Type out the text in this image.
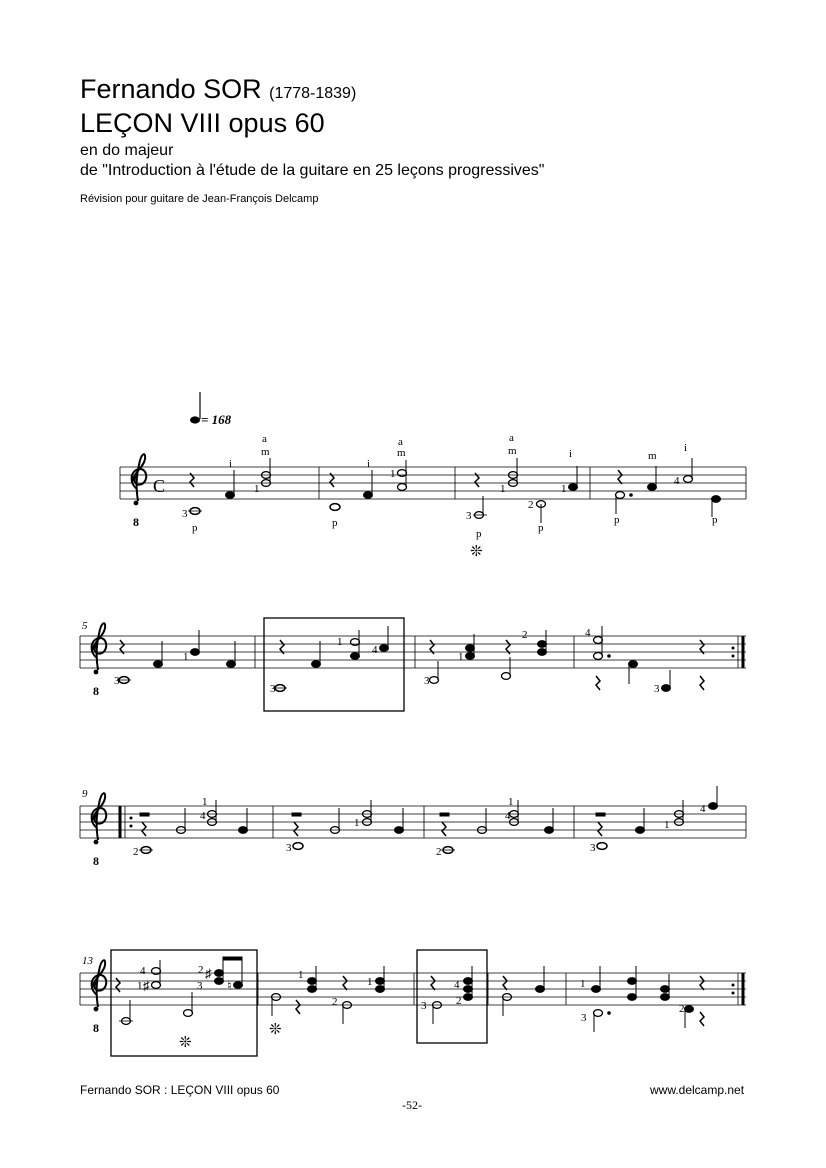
Fernando SOR (1778-1839)
LEÇON VIII opus 60
en do majeur
de "Introduction à l'étude de la guitare en 25 leçons progressives"
Révision pour guitare de Jean-François Delcamp
= 168
8
C
i
1
a
m
3
p
i
1
a
m
p
1
a
m
1
i
3
p
2
p
m
i
4
p	p
❊
5
8
1
3
1
4
3
1
2
3
4
3
9
8
1
4
2
1
3
1
4
2
1
4
3
13
8
♯
♯
♮
4
1
2
3
1
1
2
4
2
3
1
3
2
❊
❊
Fernando SOR : LEÇON VIII opus 60	www.delcamp.net
-52-
